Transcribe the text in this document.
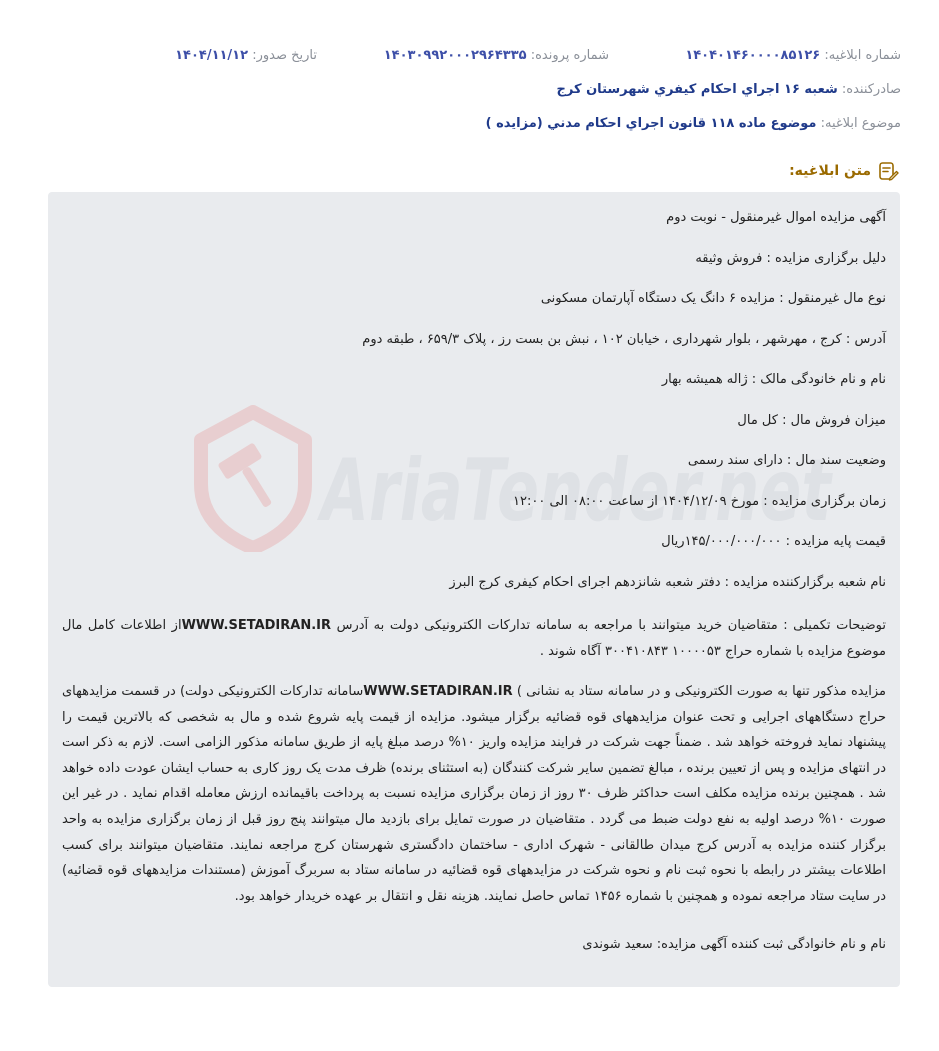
شماره ابلاغیه: ۱۴۰۴۰۱۴۶۰۰۰۰۸۵۱۲۶
شماره پرونده: ۱۴۰۳۰۹۹۲۰۰۰۲۹۶۴۳۳۵
تاریخ صدور: ۱۴۰۴/۱۱/۱۲
صادرکننده: شعبه ۱۶ اجراي احكام كيفري شهرستان کرج
موضوع ابلاغیه: موضوع ماده ۱۱۸ قانون اجراي احكام مدني (مزايده )
متن ابلاغیه:
AriaTender.net
آگهی مزایده اموال غیرمنقول - نوبت دوم
دلیل برگزاری مزایده : فروش وثیقه
نوع مال غیرمنقول : مزایده ۶ دانگ یک دستگاه آپارتمان مسکونی
آدرس : کرج ، مهرشهر ، بلوار شهرداری ، خیابان ۱۰۲ ، نبش بن بست رز ، پلاک ۶۵۹/۳ ، طبقه دوم
نام و نام خانودگی مالک : ژاله همیشه بهار
میزان فروش مال : کل مال
وضعیت سند مال : دارای سند رسمی
زمان برگزاری مزایده : مورخ ۱۴۰۴/۱۲/۰۹ از ساعت ۰۸:۰۰ الی ۱۲:۰۰
قیمت پایه مزایده : ۱۴۵/۰۰۰/۰۰۰/۰۰۰ریال
نام شعبه برگزارکننده مزایده : دفتر شعبه شانزدهم اجرای احکام کیفری کرج البرز
توضیحات تکمیلی : متقاضیان خرید میتوانند با مراجعه به سامانه تدارکات الکترونیکی دولت به آدرس WWW.SETADIRAN.IRاز اطلاعات کامل مال موضوع مزایده با شماره حراج ۱۰۰۰۰۵۳ ۳۰۰۴۱۰۸۴۳ آگاه شوند .
مزایده مذکور تنها به صورت الکترونیکی و در سامانه ستاد به نشانی ) WWW.SETADIRAN.IRسامانه تدارکات الکترونیکی دولت) در قسمت مزایدههای حراج دستگاههای اجرایی و تحت عنوان مزایدههای قوه قضائیه برگزار میشود. مزایده از قیمت پایه شروع شده و مال به شخصی که بالاترین قیمت را پیشنهاد نماید فروخته خواهد شد . ضمناً جهت شرکت در فرایند مزایده واریز ۱۰% درصد مبلغ پایه از طریق سامانه مذکور الزامی است. لازم به ذکر است در انتهای مزایده و پس از تعیین برنده ، مبالغ تضمین سایر شرکت کنندگان (به استثنای برنده) ظرف مدت یک روز کاری به حساب ایشان عودت داده خواهد شد . همچنین برنده مزایده مکلف است حداکثر ظرف ۳۰ روز از زمان برگزاری مزایده نسبت به پرداخت باقیمانده ارزش معامله اقدام نماید . در غیر این صورت ۱۰% درصد اولیه به نفع دولت ضبط می گردد . متقاضیان در صورت تمایل برای بازدید مال میتوانند پنج روز قبل از زمان برگزاری مزایده به واحد برگزار کننده مزایده به آدرس کرج میدان طالقانی - شهرک اداری - ساختمان دادگستری شهرستان کرج مراجعه نمایند. متقاضیان میتوانند برای کسب اطلاعات بیشتر در رابطه با نحوه ثبت نام و نحوه شرکت در مزایدههای قوه قضائیه در سامانه ستاد به سربرگ آموزش (مستندات مزایدههای قوه قضائیه) در سایت ستاد مراجعه نموده و همچنین با شماره ۱۴۵۶ تماس حاصل نمایند. هزینه نقل و انتقال بر عهده خریدار خواهد بود.
نام و نام خانوادگی ثبت کننده آگهی مزایده: سعید شوندی
